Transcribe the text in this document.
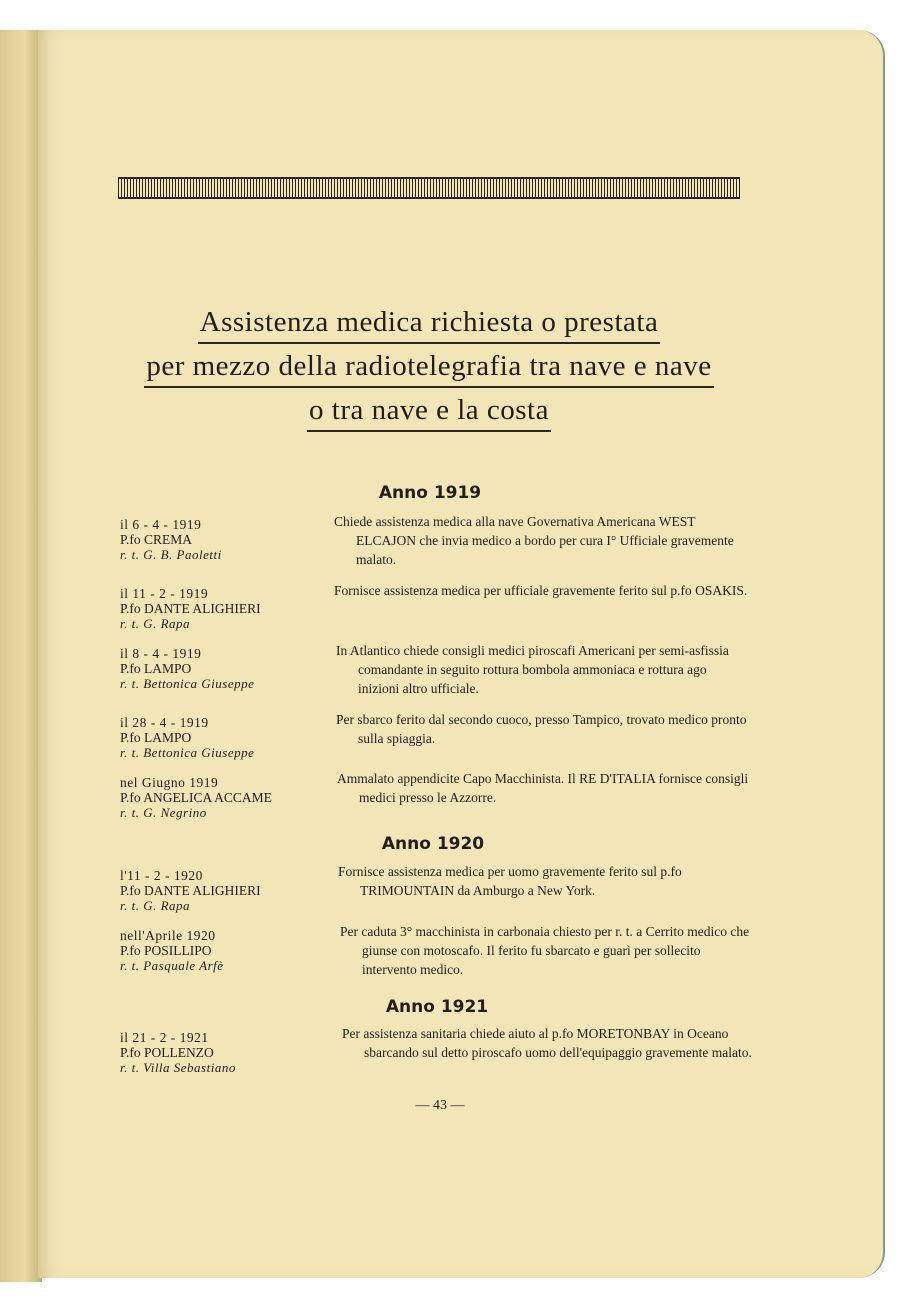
Assistenza medica richiesta o prestata
per mezzo della radiotelegrafia tra nave e nave
o tra nave e la costa
Anno 1919
il 6 - 4 - 1919
P.fo CREMA
r. t. G. B. Paoletti
Chiede assistenza medica alla nave Governativa Americana WEST ELCAJON che invia medico a bordo per cura I° Ufficiale gravemente malato.
il 11 - 2 - 1919
P.fo DANTE ALIGHIERI
r. t. G. Rapa
Fornisce assistenza medica per ufficiale gravemente ferito sul p.fo OSAKIS.
il 8 - 4 - 1919
P.fo LAMPO
r. t. Bettonica Giuseppe
In Atlantico chiede consigli medici piroscafi Americani per semi-asfissia comandante in seguito rottura bombola ammoniaca e rottura ago inizioni altro ufficiale.
il 28 - 4 - 1919
P.fo LAMPO
r. t. Bettonica Giuseppe
Per sbarco ferito dal secondo cuoco, presso Tampico, trovato medico pronto sulla spiaggia.
nel Giugno 1919
P.fo ANGELICA ACCAME
r. t. G. Negrino
Ammalato appendicite Capo Macchinista. Il RE D'ITALIA fornisce consigli medici presso le Azzorre.
Anno 1920
l'11 - 2 - 1920
P.fo DANTE ALIGHIERI
r. t. G. Rapa
Fornisce assistenza medica per uomo gravemente ferito sul p.fo TRIMOUNTAIN da Amburgo a New York.
nell'Aprile 1920
P.fo POSILLIPO
r. t. Pasquale Arfè
Per caduta 3° macchinista in carbonaia chiesto per r. t. a Cerrito medico che giunse con motoscafo. Il ferito fu sbarcato e guarì per sollecito intervento medico.
Anno 1921
il 21 - 2 - 1921
P.fo POLLENZO
r. t. Villa Sebastiano
Per assistenza sanitaria chiede aiuto al p.fo MORETONBAY in Oceano sbarcando sul detto piroscafo uomo dell'equipaggio gravemente malato.
— 43 —
